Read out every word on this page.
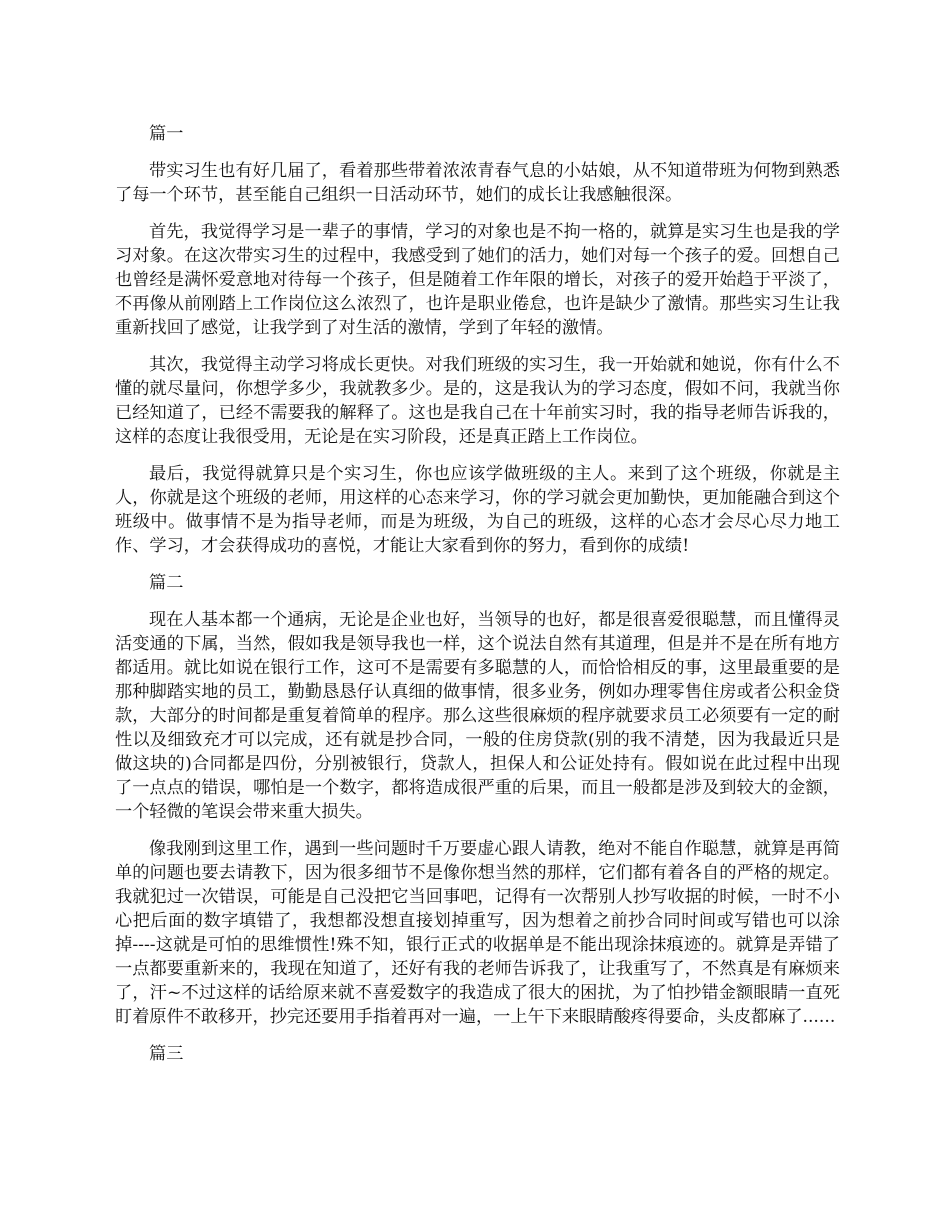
篇一

带实习生也有好几届了，看着那些带着浓浓青春气息的小姑娘，从不知道带班为何物到熟悉了每一个环节，甚至能自己组织一日活动环节，她们的成长让我感触很深。

首先，我觉得学习是一辈子的事情，学习的对象也是不拘一格的，就算是实习生也是我的学习对象。在这次带实习生的过程中，我感受到了她们的活力，她们对每一个孩子的爱。回想自己也曾经是满怀爱意地对待每一个孩子，但是随着工作年限的增长，对孩子的爱开始趋于平淡了，不再像从前刚踏上工作岗位这么浓烈了，也许是职业倦怠，也许是缺少了激情。那些实习生让我重新找回了感觉，让我学到了对生活的激情，学到了年轻的激情。

其次，我觉得主动学习将成长更快。对我们班级的实习生，我一开始就和她说，你有什么不懂的就尽量问，你想学多少，我就教多少。是的，这是我认为的学习态度，假如不问，我就当你已经知道了，已经不需要我的解释了。这也是我自己在十年前实习时，我的指导老师告诉我的，这样的态度让我很受用，无论是在实习阶段，还是真正踏上工作岗位。

最后，我觉得就算只是个实习生，你也应该学做班级的主人。来到了这个班级，你就是主人，你就是这个班级的老师，用这样的心态来学习，你的学习就会更加勤快，更加能融合到这个班级中。做事情不是为指导老师，而是为班级，为自己的班级，这样的心态才会尽心尽力地工作、学习，才会获得成功的喜悦，才能让大家看到你的努力，看到你的成绩!

篇二

现在人基本都一个通病，无论是企业也好，当领导的也好，都是很喜爱很聪慧，而且懂得灵活变通的下属，当然，假如我是领导我也一样，这个说法自然有其道理，但是并不是在所有地方都适用。就比如说在银行工作，这可不是需要有多聪慧的人，而恰恰相反的事，这里最重要的是那种脚踏实地的员工，勤勤恳恳仔认真细的做事情，很多业务，例如办理零售住房或者公积金贷款，大部分的时间都是重复着简单的程序。那么这些很麻烦的程序就要求员工必须要有一定的耐性以及细致充才可以完成，还有就是抄合同，一般的住房贷款(别的我不清楚，因为我最近只是做这块的)合同都是四份，分别被银行，贷款人，担保人和公证处持有。假如说在此过程中出现了一点点的错误，哪怕是一个数字，都将造成很严重的后果，而且一般都是涉及到较大的金额，一个轻微的笔误会带来重大损失。

像我刚到这里工作，遇到一些问题时千万要虚心跟人请教，绝对不能自作聪慧，就算是再简单的问题也要去请教下，因为很多细节不是像你想当然的那样，它们都有着各自的严格的规定。我就犯过一次错误，可能是自己没把它当回事吧，记得有一次帮别人抄写收据的时候，一时不小心把后面的数字填错了，我想都没想直接划掉重写，因为想着之前抄合同时间或写错也可以涂掉----这就是可怕的思维惯性!殊不知，银行正式的收据单是不能出现涂抹痕迹的。就算是弄错了一点都要重新来的，我现在知道了，还好有我的老师告诉我了，让我重写了，不然真是有麻烦来了，汗~不过这样的话给原来就不喜爱数字的我造成了很大的困扰，为了怕抄错金额眼睛一直死盯着原件不敢移开，抄完还要用手指着再对一遍，一上午下来眼睛酸疼得要命，头皮都麻了......

篇三
